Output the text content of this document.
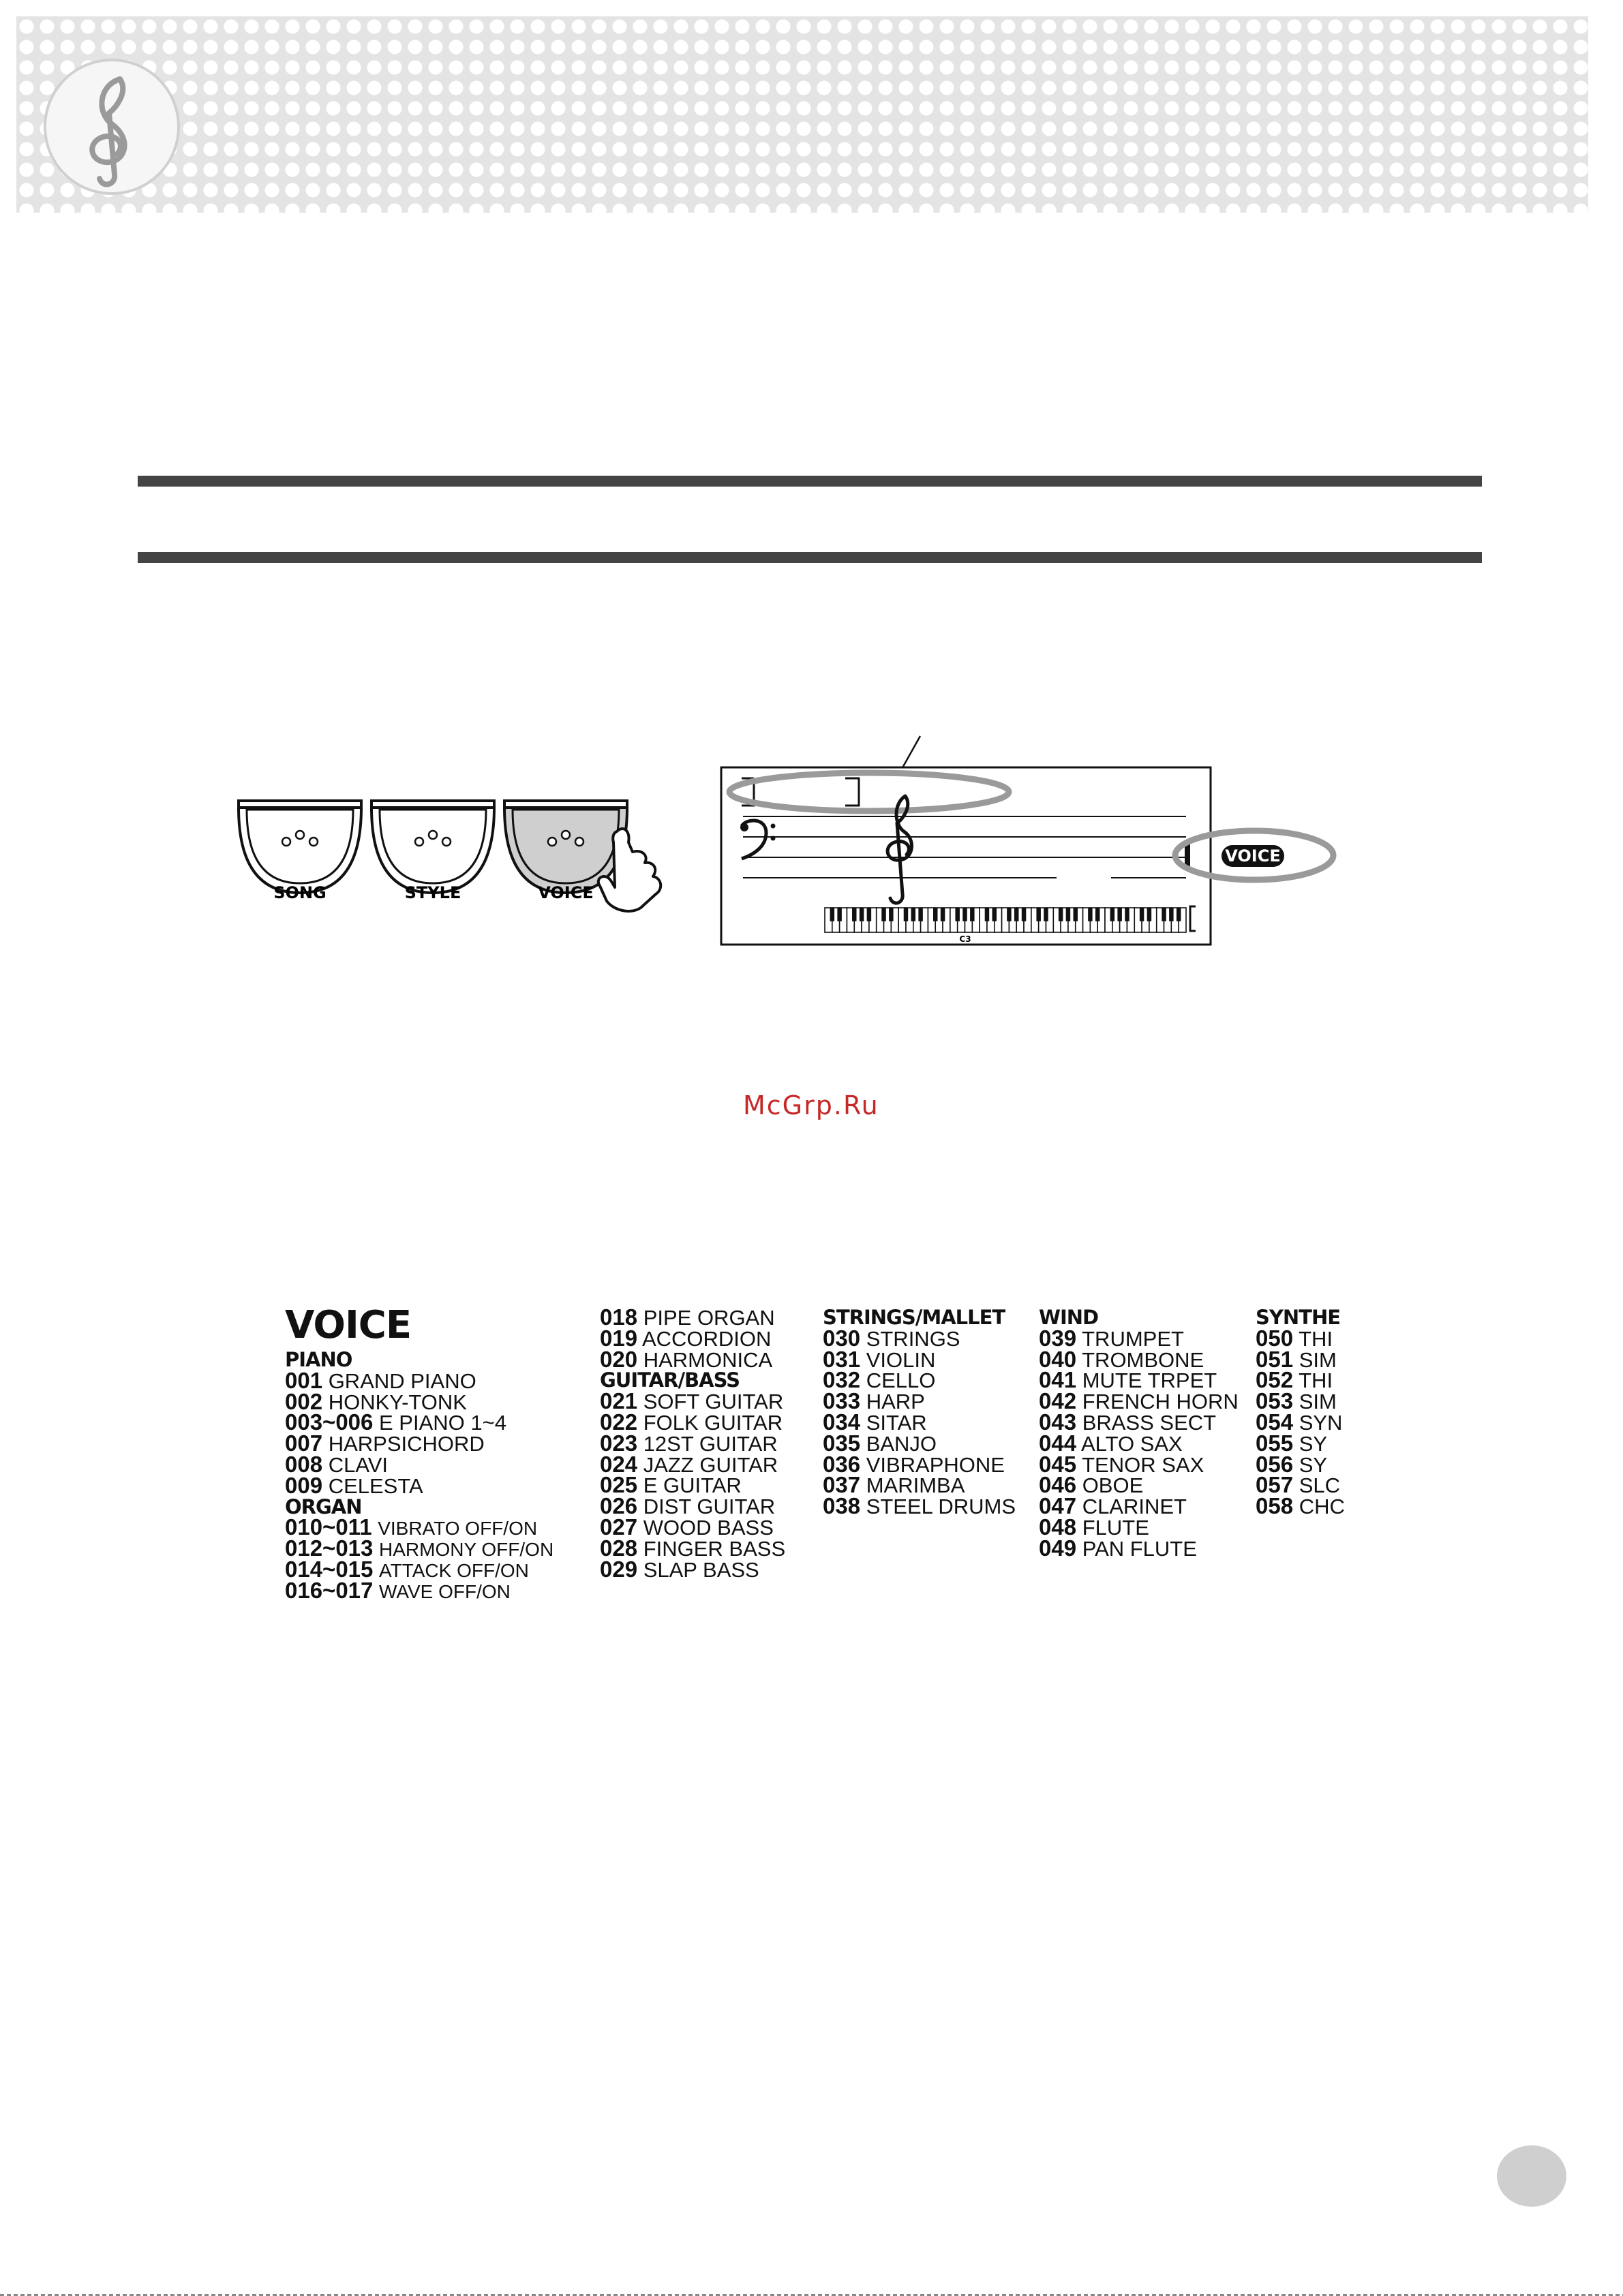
SONG	STYLE	VOICE
VOICE
C3
McGrp.Ru
VOICE
PIANO
001 GRAND PIANO
002 HONKY-TONK
003~006 E PIANO 1~4
007 HARPSICHORD
008 CLAVI
009 CELESTA
ORGAN
010~011 VIBRATO OFF/ON
012~013 HARMONY OFF/ON
014~015 ATTACK OFF/ON
016~017 WAVE OFF/ON
018 PIPE ORGAN
019 ACCORDION
020 HARMONICA
GUITAR/BASS
021 SOFT GUITAR
022 FOLK GUITAR
023 12ST GUITAR
024 JAZZ GUITAR
025 E GUITAR
026 DIST GUITAR
027 WOOD BASS
028 FINGER BASS
029 SLAP BASS
STRINGS/MALLET
030 STRINGS
031 VIOLIN
032 CELLO
033 HARP
034 SITAR
035 BANJO
036 VIBRAPHONE
037 MARIMBA
038 STEEL DRUMS
WIND
039 TRUMPET
040 TROMBONE
041 MUTE TRPET
042 FRENCH HORN
043 BRASS SECT
044 ALTO SAX
045 TENOR SAX
046 OBOE
047 CLARINET
048 FLUTE
049 PAN FLUTE
SYNTHE
050 THI
051 SIM
052 THI
053 SIM
054 SYN
055 SY
056 SY
057 SLC
058 CHC
